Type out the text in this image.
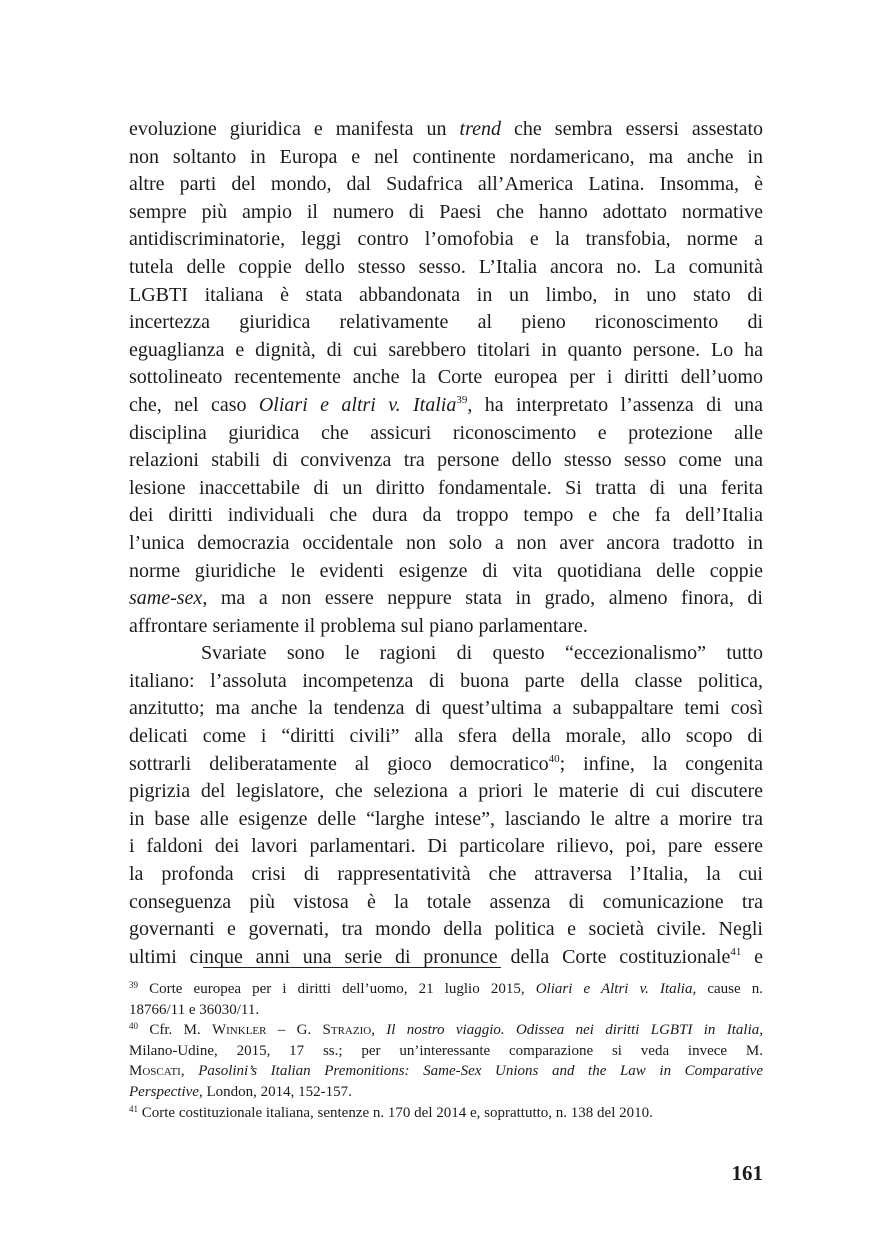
evoluzione giuridica e manifesta un trend che sembra essersi assestato
non soltanto in Europa e nel continente nordamericano, ma anche in
altre parti del mondo, dal Sudafrica all’America Latina. Insomma, è
sempre più ampio il numero di Paesi che hanno adottato normative
antidiscriminatorie, leggi contro l’omofobia e la transfobia, norme a
tutela delle coppie dello stesso sesso. L’Italia ancora no. La comunità
LGBTI italiana è stata abbandonata in un limbo, in uno stato di
incertezza giuridica relativamente al pieno riconoscimento di
eguaglianza e dignità, di cui sarebbero titolari in quanto persone. Lo ha
sottolineato recentemente anche la Corte europea per i diritti dell’uomo
che, nel caso Oliari e altri v. Italia$^{39}$, ha interpretato l’assenza di una
disciplina giuridica che assicuri riconoscimento e protezione alle
relazioni stabili di convivenza tra persone dello stesso sesso come una
lesione inaccettabile di un diritto fondamentale. Si tratta di una ferita
dei diritti individuali che dura da troppo tempo e che fa dell’Italia
l’unica democrazia occidentale non solo a non aver ancora tradotto in
norme giuridiche le evidenti esigenze di vita quotidiana delle coppie
same-sex, ma a non essere neppure stata in grado, almeno finora, di
affrontare seriamente il problema sul piano parlamentare.
Svariate sono le ragioni di questo “eccezionalismo” tutto
italiano: l’assoluta incompetenza di buona parte della classe politica,
anzitutto; ma anche la tendenza di quest’ultima a subappaltare temi così
delicati come i “diritti civili” alla sfera della morale, allo scopo di
sottrarli deliberatamente al gioco democratico$^{40}$; infine, la congenita
pigrizia del legislatore, che seleziona a priori le materie di cui discutere
in base alle esigenze delle “larghe intese”, lasciando le altre a morire tra
i faldoni dei lavori parlamentari. Di particolare rilievo, poi, pare essere
la profonda crisi di rappresentatività che attraversa l’Italia, la cui
conseguenza più vistosa è la totale assenza di comunicazione tra
governanti e governati, tra mondo della politica e società civile. Negli
ultimi cinque anni una serie di pronunce della Corte costituzionale$^{41}$ e
$^{39}$ Corte europea per i diritti dell’uomo, 21 luglio 2015, Oliari e Altri v. Italia, cause n.
18766/11 e 36030/11.
$^{40}$ Cfr. M. Winkler – G. Strazio, Il nostro viaggio. Odissea nei diritti LGBTI in Italia,
Milano-Udine, 2015, 17 ss.; per un’interessante comparazione si veda invece M.
Moscati, Pasolini’s Italian Premonitions: Same-Sex Unions and the Law in Comparative
Perspective, London, 2014, 152-157.
$^{41}$ Corte costituzionale italiana, sentenze n. 170 del 2014 e, soprattutto, n. 138 del 2010.
161
